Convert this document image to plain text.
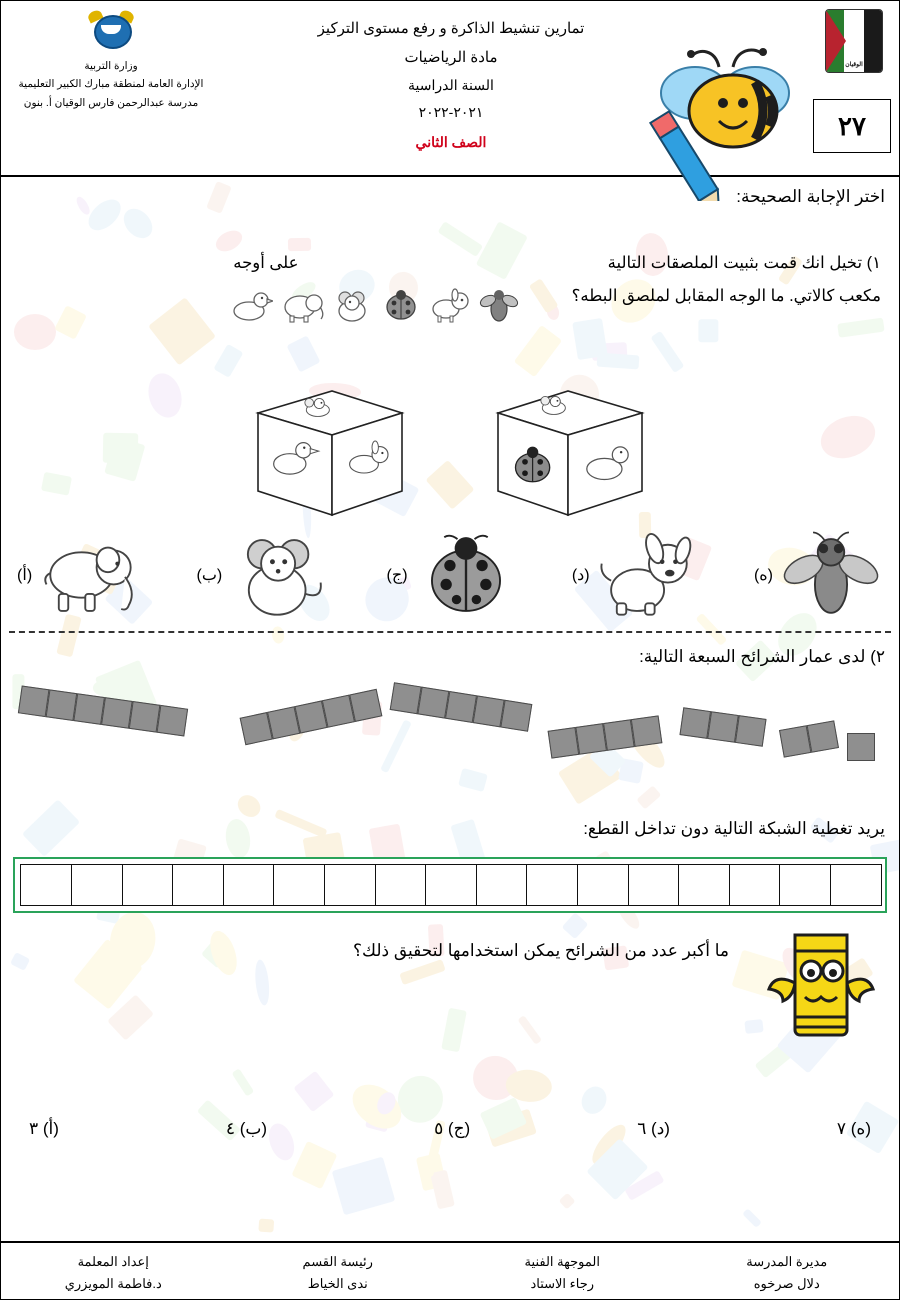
الوقيان
٢٧
تمارين تنشيط الذاكرة و رفع مستوى التركيز
مادة الرياضيات
السنة الدراسية
٢٠٢١-٢٠٢٢
الصف الثاني
وزارة التربية
الإدارة العامة لمنطقة مبارك الكبير التعليمية
مدرسة عبدالرحمن فارس الوقيان أ. بنون
اختر الإجابة الصحيحة:
١) تخيل انك قمت بثبيت الملصقات التالية  على أوجه
مكعب كالاتي. ما الوجه المقابل لملصق البطه؟
(أ)	(ب)	(ج)	(د)	(ه)
٢) لدى عمار الشرائح السبعة التالية:
يريد تغطية الشبكة التالية دون تداخل القطع:
ما أكبر عدد من الشرائح يمكن استخدامها لتحقيق ذلك؟
(أ) ٣	(ب) ٤	(ج) ٥	(د) ٦	(ه) ٧
إعداد المعلمة
د.فاطمة المويزري
رئيسة القسم
ندى الخياط
الموجهة الفنية
رجاء الاستاد
مديرة المدرسة
دلال صرخوه
